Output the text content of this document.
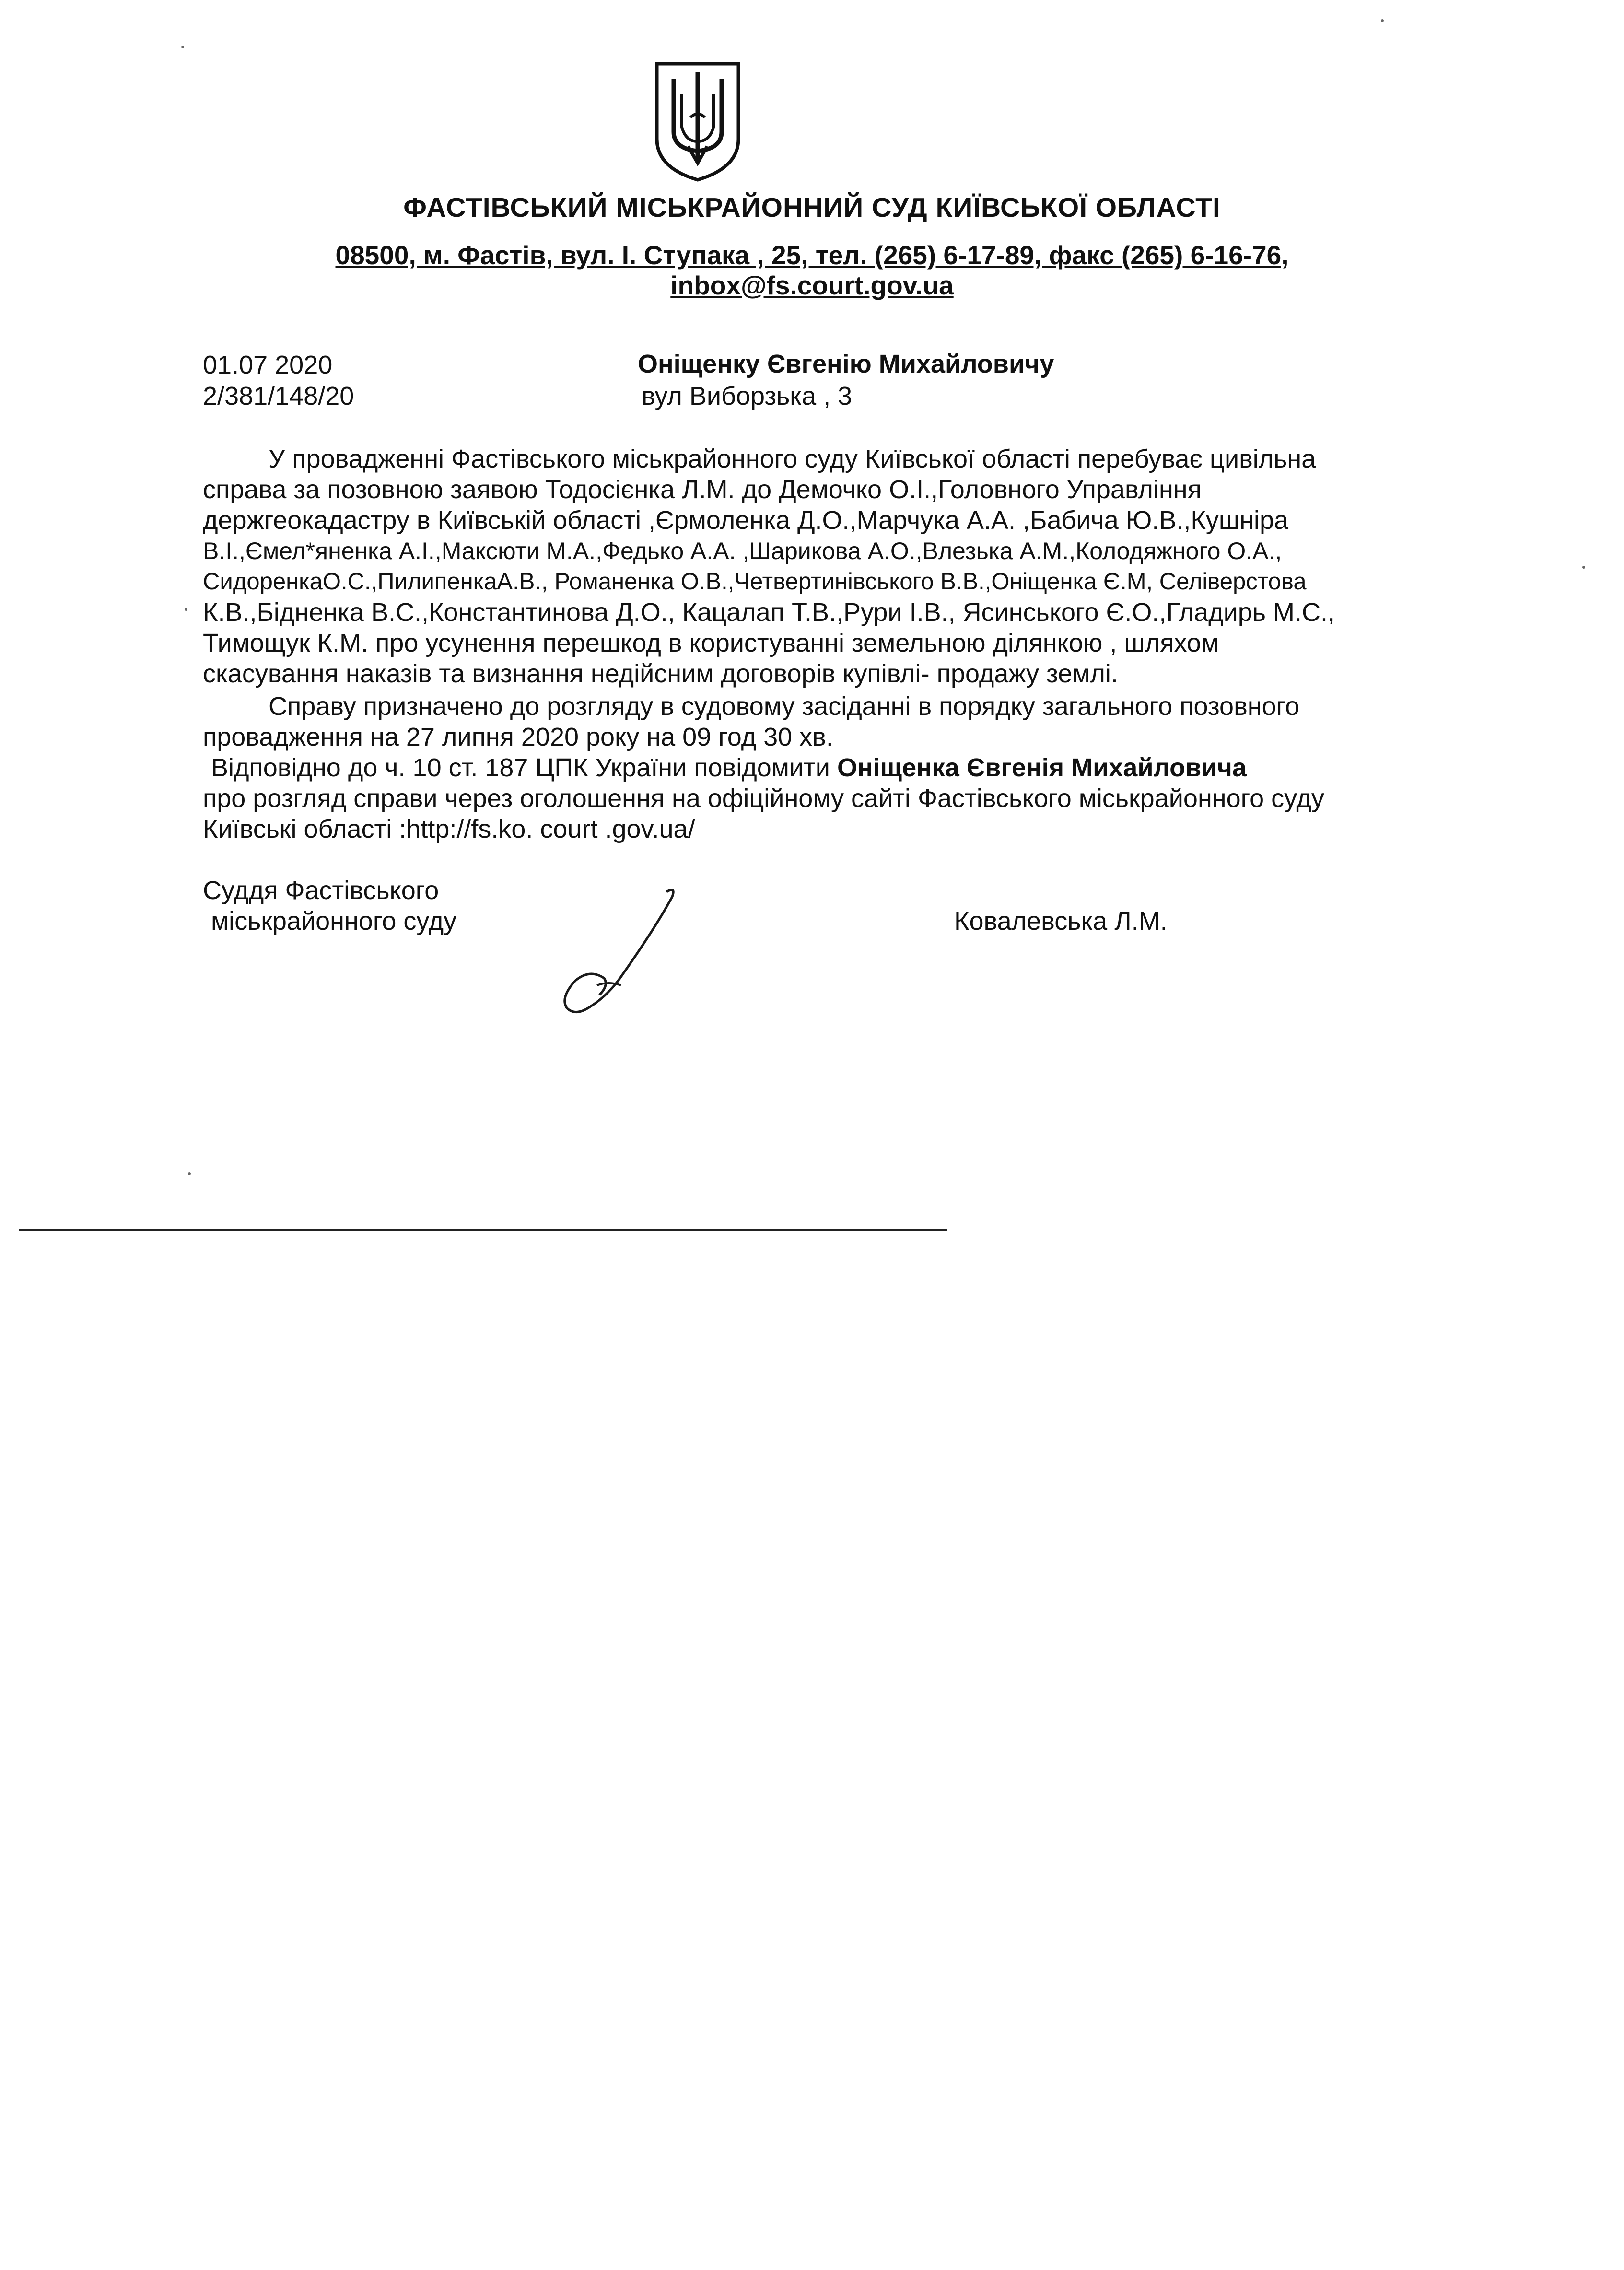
ФАСТІВСЬКИЙ МІСЬКРАЙОННИЙ СУД КИЇВСЬКОЇ ОБЛАСТІ
08500, м. Фастів, вул. І. Ступака , 25, тел. (265) 6-17-89, факс (265) 6-16-76,
inbox@fs.court.gov.ua
01.07 2020
2/381/148/20
Оніщенку Євгенію Михайловичу
вул Виборзька , 3
У провадженні Фастівського міськрайонного суду Київської області перебуває цивільна
справа за позовною заявою Тодосієнка Л.М. до Демочко О.І.,Головного Управління
держгеокадастру в Київській області ,Єрмоленка Д.О.,Марчука А.А. ,Бабича Ю.В.,Кушніра
В.І.,Ємел*яненка А.І.,Максюти М.А.,Федько А.А. ,Шарикова А.О.,Влезька А.М.,Колодяжного О.А.,
СидоренкаО.С.,ПилипенкаА.В., Романенка О.В.,Четвертинівського В.В.,Оніщенка Є.М, Селіверстова
К.В.,Бідненка В.С.,Константинова Д.О., Кацалап Т.В.,Рури І.В., Ясинського Є.О.,Гладирь М.С.,
Тимощук К.М. про усунення перешкод в користуванні земельною ділянкою , шляхом
скасування наказів та визнання недійсним договорів купівлі- продажу землі.
Справу призначено до розгляду в судовому засіданні в порядку загального позовного
провадження на 27 липня 2020 року на 09 год 30 хв.
Відповідно до ч. 10 ст. 187 ЦПК України повідомити Оніщенка Євгенія Михайловича
про розгляд справи через оголошення на офіційному сайті Фастівського міськрайонного суду
Київські області :http://fs.ko. court .gov.ua/
Суддя Фастівського
міськрайонного суду	Ковалевська Л.М.
